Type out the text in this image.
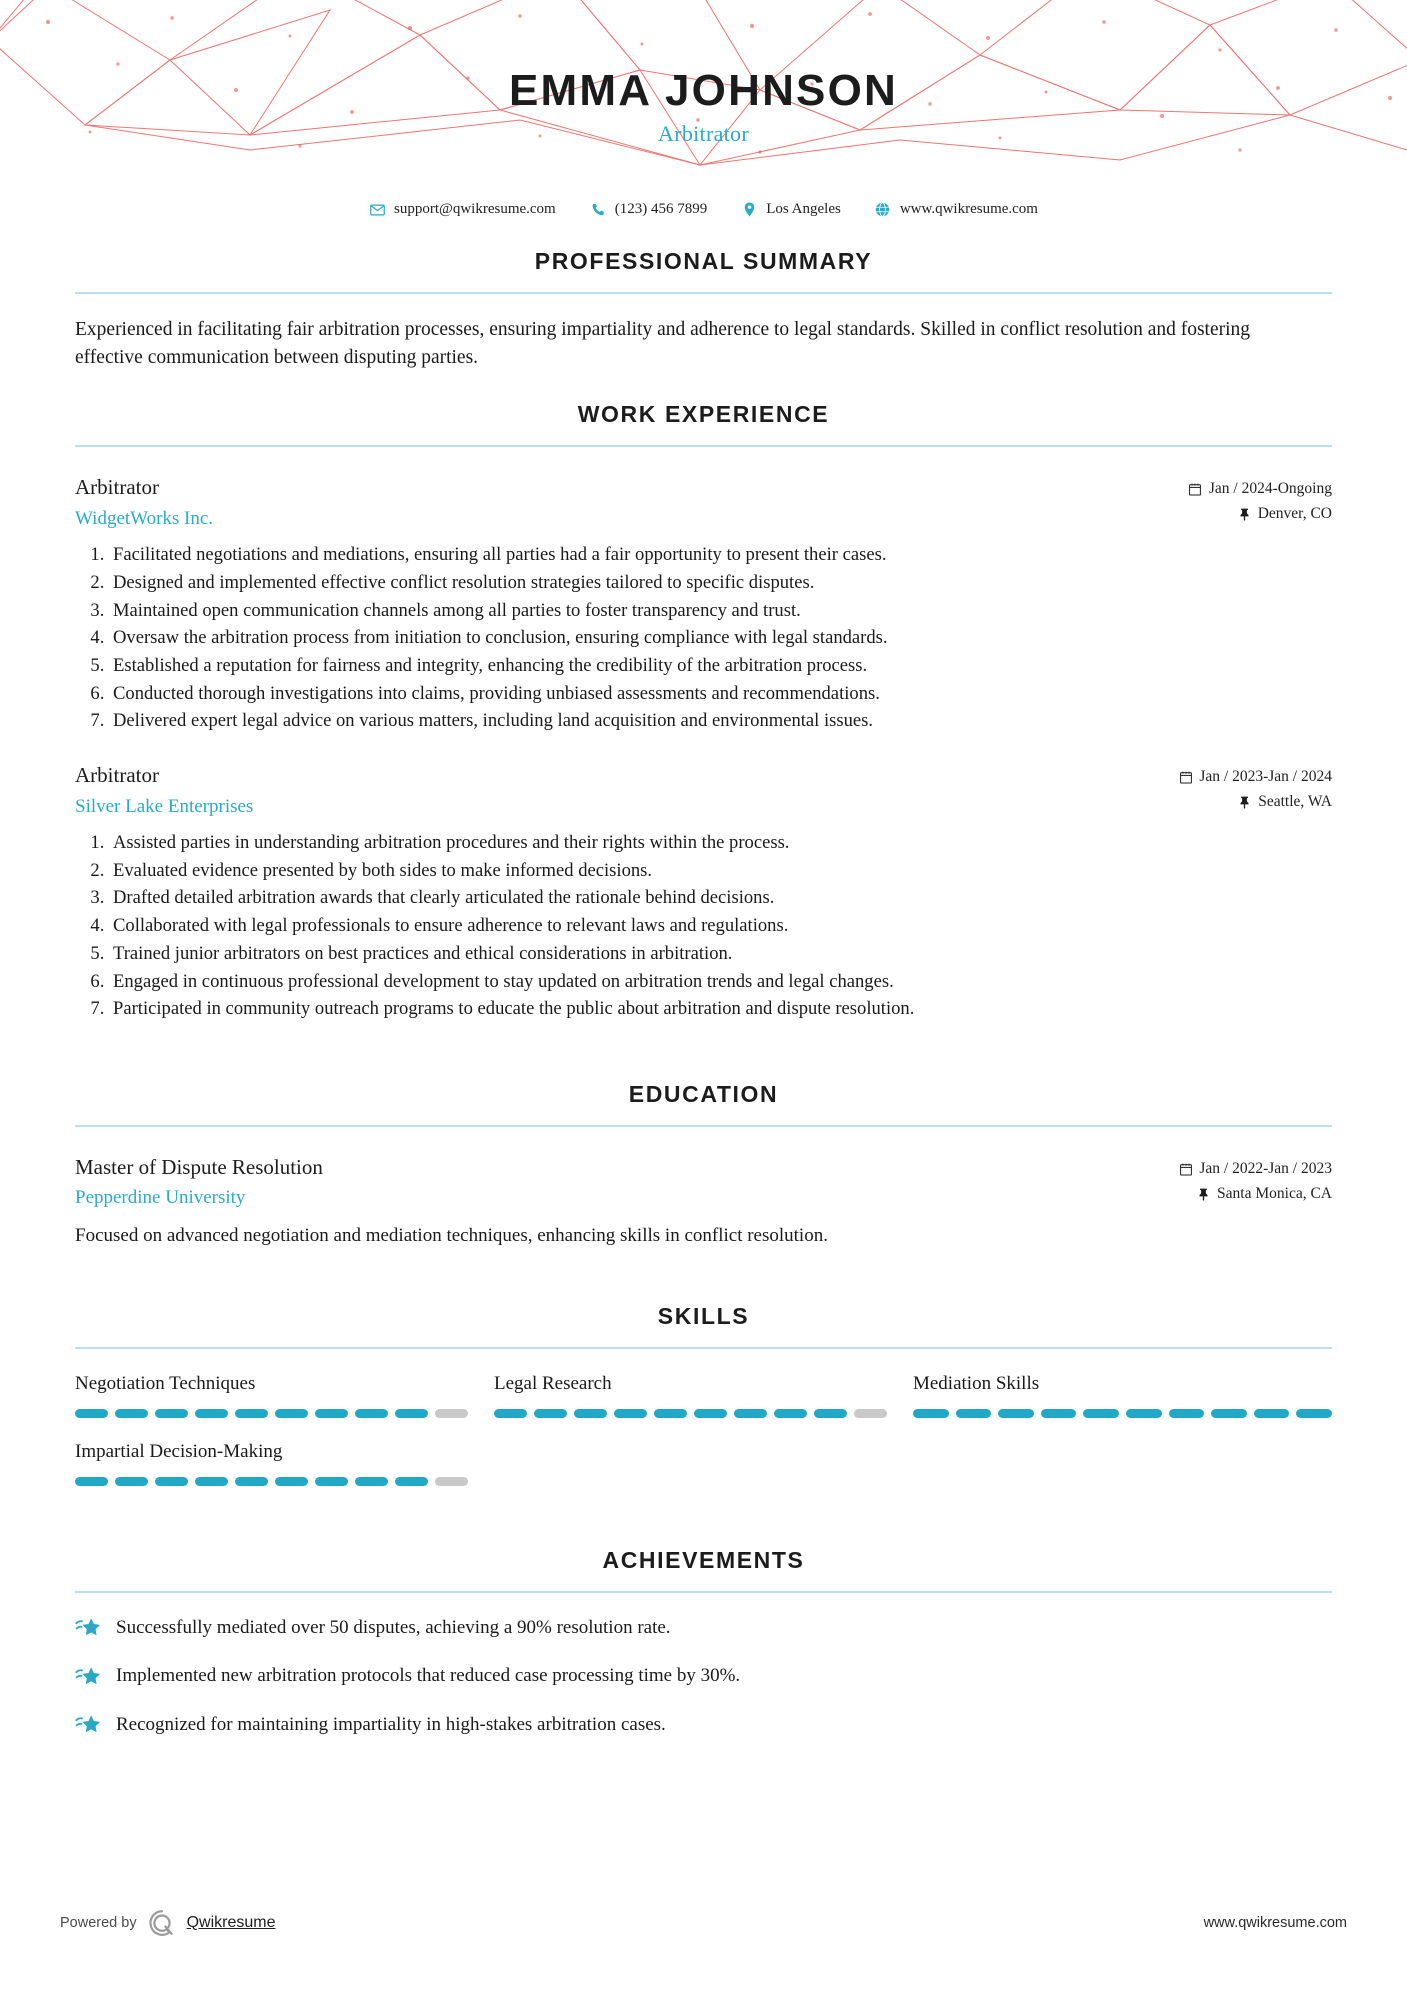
EMMA JOHNSON
Arbitrator
support@qwikresume.com	(123) 456 7899	Los Angeles	www.qwikresume.com
PROFESSIONAL SUMMARY
Experienced in facilitating fair arbitration processes, ensuring impartiality and adherence to legal standards. Skilled in conflict resolution and fostering effective communication between disputing parties.
WORK EXPERIENCE
Arbitrator
WidgetWorks Inc.
Jan / 2024-Ongoing
Denver, CO
1. Facilitated negotiations and mediations, ensuring all parties had a fair opportunity to present their cases.
2. Designed and implemented effective conflict resolution strategies tailored to specific disputes.
3. Maintained open communication channels among all parties to foster transparency and trust.
4. Oversaw the arbitration process from initiation to conclusion, ensuring compliance with legal standards.
5. Established a reputation for fairness and integrity, enhancing the credibility of the arbitration process.
6. Conducted thorough investigations into claims, providing unbiased assessments and recommendations.
7. Delivered expert legal advice on various matters, including land acquisition and environmental issues.
Arbitrator
Silver Lake Enterprises
Jan / 2023-Jan / 2024
Seattle, WA
1. Assisted parties in understanding arbitration procedures and their rights within the process.
2. Evaluated evidence presented by both sides to make informed decisions.
3. Drafted detailed arbitration awards that clearly articulated the rationale behind decisions.
4. Collaborated with legal professionals to ensure adherence to relevant laws and regulations.
5. Trained junior arbitrators on best practices and ethical considerations in arbitration.
6. Engaged in continuous professional development to stay updated on arbitration trends and legal changes.
7. Participated in community outreach programs to educate the public about arbitration and dispute resolution.
EDUCATION
Master of Dispute Resolution
Pepperdine University
Jan / 2022-Jan / 2023
Santa Monica, CA
Focused on advanced negotiation and mediation techniques, enhancing skills in conflict resolution.
SKILLS
Negotiation Techniques	Legal Research	Mediation Skills
Impartial Decision-Making
ACHIEVEMENTS
Successfully mediated over 50 disputes, achieving a 90% resolution rate.
Implemented new arbitration protocols that reduced case processing time by 30%.
Recognized for maintaining impartiality in high-stakes arbitration cases.
Powered by	Qwikresume	www.qwikresume.com
